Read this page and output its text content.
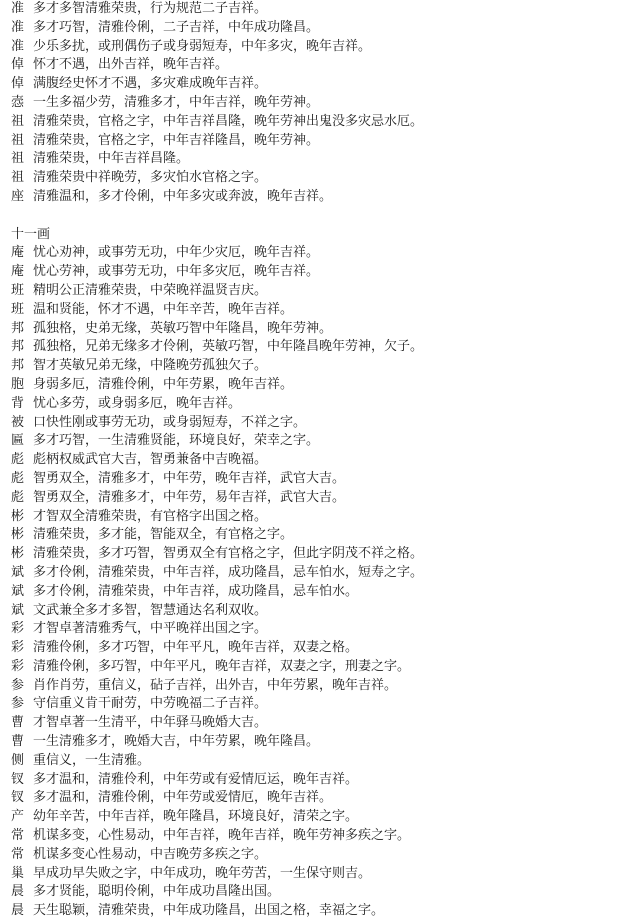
准 多才多智清雅荣贵，行为规范二子吉祥。
准 多才巧智，清雅伶俐，二子吉祥，中年成功隆昌。
准 少乐多扰，或刑偶伤子或身弱短寿，中年多灾，晚年吉祥。
倬 怀才不遇，出外吉祥，晚年吉祥。
倬 满腹经史怀才不遇，多灾难成晚年吉祥。
悫 一生多福少劳，清雅多才，中年吉祥，晚年劳神。
祖 清雅荣贵，官格之字，中年吉祥昌隆，晚年劳神出鬼没多灾忌水厄。
祖 清雅荣贵，官格之字，中年吉祥隆昌，晚年劳神。
祖 清雅荣贵，中年吉祥昌隆。
祖 清雅荣贵中祥晚劳，多灾怕水官格之字。
座 清雅温和，多才伶俐，中年多灾或奔波，晚年吉祥。
十一画
庵 忧心劝神，或事劳无功，中年少灾厄，晚年吉祥。
庵 忧心劳神，或事劳无功，中年多灾厄，晚年吉祥。
班 精明公正清雅荣贵，中荣晚祥温贤吉庆。
班 温和贤能，怀才不遇，中年辛苦，晚年吉祥。
邦 孤独格，史弟无缘，英敏巧智中年隆昌，晚年劳神。
邦 孤独格，兄弟无缘多才伶俐，英敏巧智，中年隆昌晚年劳神，欠子。
邦 智才英敏兄弟无缘，中隆晚劳孤独欠子。
胞 身弱多厄，清雅伶俐，中年劳累，晚年吉祥。
背 忧心多劳，或身弱多厄，晚年吉祥。
被 口快性刚或事劳无功，或身弱短寿，不祥之字。
匾 多才巧智，一生清雅贤能，环境良好，荣幸之字。
彪 彪柄权威武官大吉，智勇兼备中吉晚福。
彪 智勇双全，清雅多才，中年劳，晚年吉祥，武官大吉。
彪 智勇双全，清雅多才，中年劳，易年吉祥，武官大吉。
彬 才智双全清雅荣贵，有官格字出国之格。
彬 清雅荣贵，多才能，智能双全，有官格之字。
彬 清雅荣贵，多才巧智，智勇双全有官格之字，但此字阴茂不祥之格。
斌 多才伶俐，清雅荣贵，中年吉祥，成功隆昌，忌车怕水，短寿之字。
斌 多才伶俐，清雅荣贵，中年吉祥，成功隆昌，忌车怕水。
斌 文武兼全多才多智，智慧通达名利双收。
彩 才智卓著清雅秀气，中平晚祥出国之字。
彩 清雅伶俐，多才巧智，中年平凡，晚年吉祥，双妻之格。
彩 清雅伶俐，多巧智，中年平凡，晚年吉祥，双妻之字，刑妻之字。
参 肖作肖劳，重信义，砧子吉祥，出外吉，中年劳累，晚年吉祥。
参 守信重义肯干耐劳，中劳晚福二子吉祥。
曹 才智卓著一生清平，中年驿马晚婚大吉。
曹 一生清雅多才，晚婚大吉，中年劳累，晚年隆昌。
侧 重信义，一生清雅。
钗 多才温和，清雅伶利，中年劳或有爱情厄运，晚年吉祥。
钗 多才温和，清雅伶俐，中年劳或爱情厄，晚年吉祥。
产 幼年辛苦，中年吉祥，晚年隆昌，环境良好，清荣之字。
常 机谋多变，心性易动，中年吉祥，晚年吉祥，晚年劳神多疾之字。
常 机谋多变心性易动，中吉晚劳多疾之字。
巢 早成功早失败之字，中年成功，晚年劳苦，一生保守则吉。
晨 多才贤能，聪明伶俐，中年成功昌隆出国。
晨 天生聪颖，清雅荣贵，中年成功隆昌，出国之格，幸福之字。
